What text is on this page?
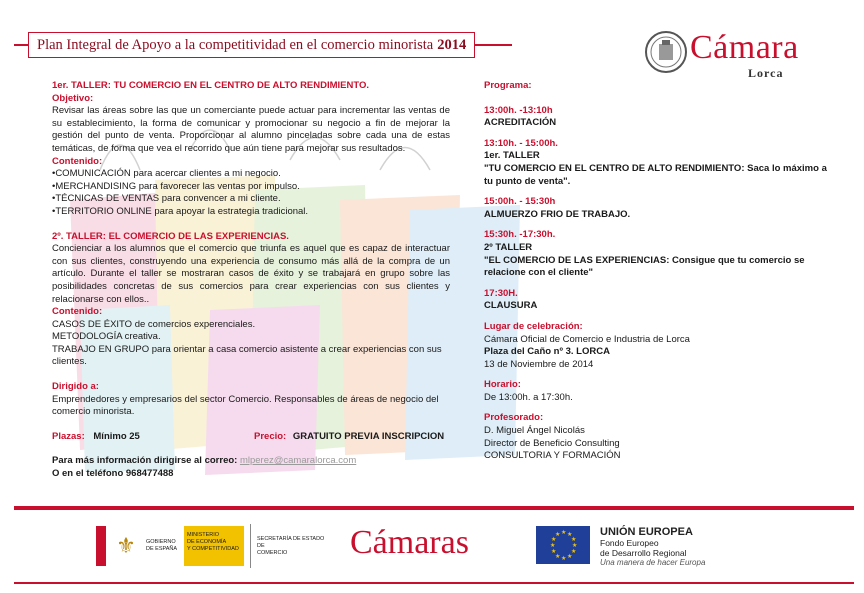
Plan Integral de Apoyo a la competitividad en el comercio minorista 2014	Cámara
Lorca

1er. TALLER: TU COMERCIO EN EL CENTRO DE ALTO RENDIMIENTO.

Objetivo:

Revisar las áreas sobre las que un comerciante puede actuar para incrementar las ventas de su establecimiento, la forma de comunicar y promocionar su negocio a fin de mejorar la gestión del punto de venta. Proporcionar al alumno pinceladas sobre cada una de estas temáticas, de forma que vea el recorrido que aún tiene para mejorar sus resultados.

Contenido:

•COMUNICACIÓN para acercar clientes a mi negocio.

•MERCHANDISING para favorecer las ventas por impulso.

•TÉCNICAS DE VENTAS para convencer a mi cliente.

•TERRITORIO ONLINE para apoyar la estrategia tradicional.

2º. TALLER: EL COMERCIO DE LAS EXPERIENCIAS.

Concienciar a los alumnos que el comercio que triunfa es aquel que es capaz de interactuar con sus clientes, construyendo una experiencia de consumo más allá de la compra de un artículo. Durante el taller se mostraran casos de éxito y se trabajará en grupo sobre las posibilidades concretas de sus comercios para crear experiencias con sus clientes y relacionarse con ellos..

Contenido:

CASOS DE ÉXITO de comercios experenciales.

METODOLOGÍA creativa.

TRABAJO EN GRUPO para orientar a casa comercio asistente a crear experiencias con sus clientes.

Dirigido a:

Emprendedores y empresarios del sector Comercio. Responsables de áreas de negocio del comercio minorista.

Plazas: Mínimo 25	Precio: GRATUITO PREVIA INSCRIPCION

Para más información dirigirse al correo: mlperez@camaralorca.com

O en el teléfono 968477488

Programa:

13:00h. -13:10h

ACREDITACIÓN

13:10h. - 15:00h.

1er. TALLER

"TU COMERCIO EN EL CENTRO DE ALTO RENDIMIENTO: Saca lo máximo a tu punto de venta".

15:00h. - 15:30h

ALMUERZO FRIO DE TRABAJO.

15:30h. -17:30h.

2º TALLER

"EL COMERCIO DE LAS EXPERIENCIAS: Consigue que tu comercio se relacione con el cliente"

17:30H.

CLAUSURA

Lugar de celebración:

Cámara Oficial de Comercio e Industria de Lorca

Plaza del Caño nº 3. LORCA

13 de Noviembre de 2014

Horario:

De 13:00h. a 17:30h.

Profesorado:

D. Miguel Ángel Nicolás

Director de Beneficio Consulting

CONSULTORIA Y FORMACIÓN

⚜	GOBIERNO
DE ESPAÑA
MINISTERIO
DE ECONOMÍA
Y COMPETITIVIDAD
SECRETARÍA DE ESTADO
DE
COMERCIO	Cámaras	★ ★
★
★
★
★
★
★
★
★
★
★	UNIÓN EUROPEA
Fondo Europeo
de Desarrollo Regional
Una manera de hacer Europa
